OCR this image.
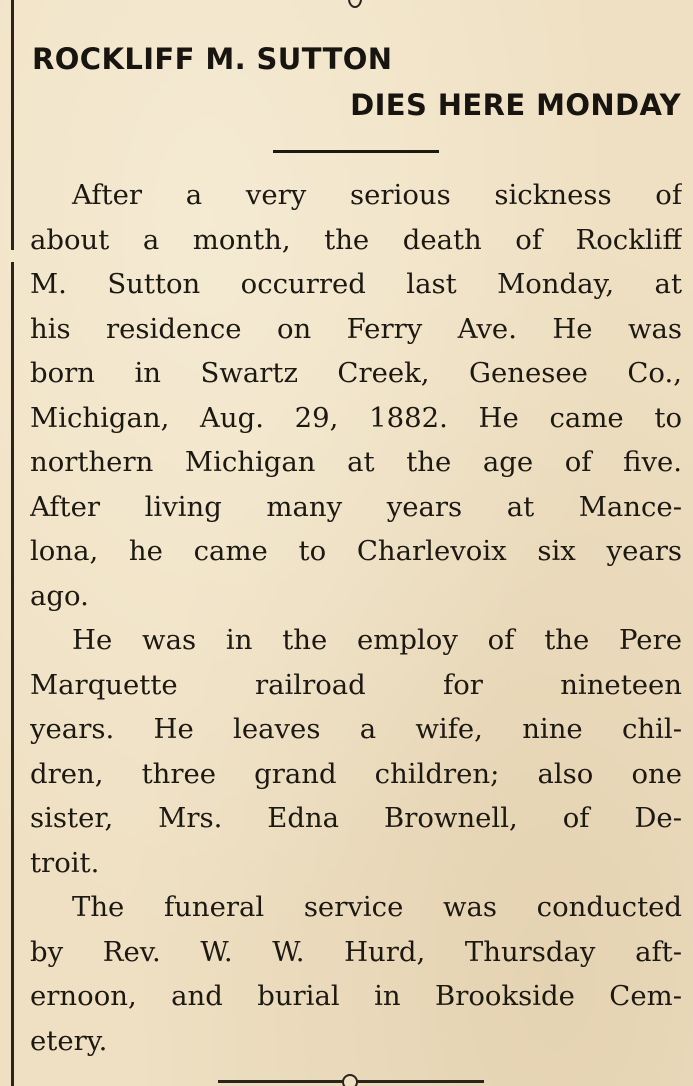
ROCKLIFF M. SUTTON
DIES HERE MONDAY
After a very serious sickness of
about a month, the death of Rockliff
M. Sutton occurred last Monday, at
his residence on Ferry Ave. He was
born in Swartz Creek, Genesee Co.,
Michigan, Aug. 29, 1882. He came to
northern Michigan at the age of five.
After living many years at Mance-
lona, he came to Charlevoix six years
ago.
He was in the employ of the Pere
Marquette railroad for nineteen
years. He leaves a wife, nine chil-
dren, three grand children; also one
sister, Mrs. Edna Brownell, of De-
troit.
The funeral service was conducted
by Rev. W. W. Hurd, Thursday aft-
ernoon, and burial in Brookside Cem-
etery.
